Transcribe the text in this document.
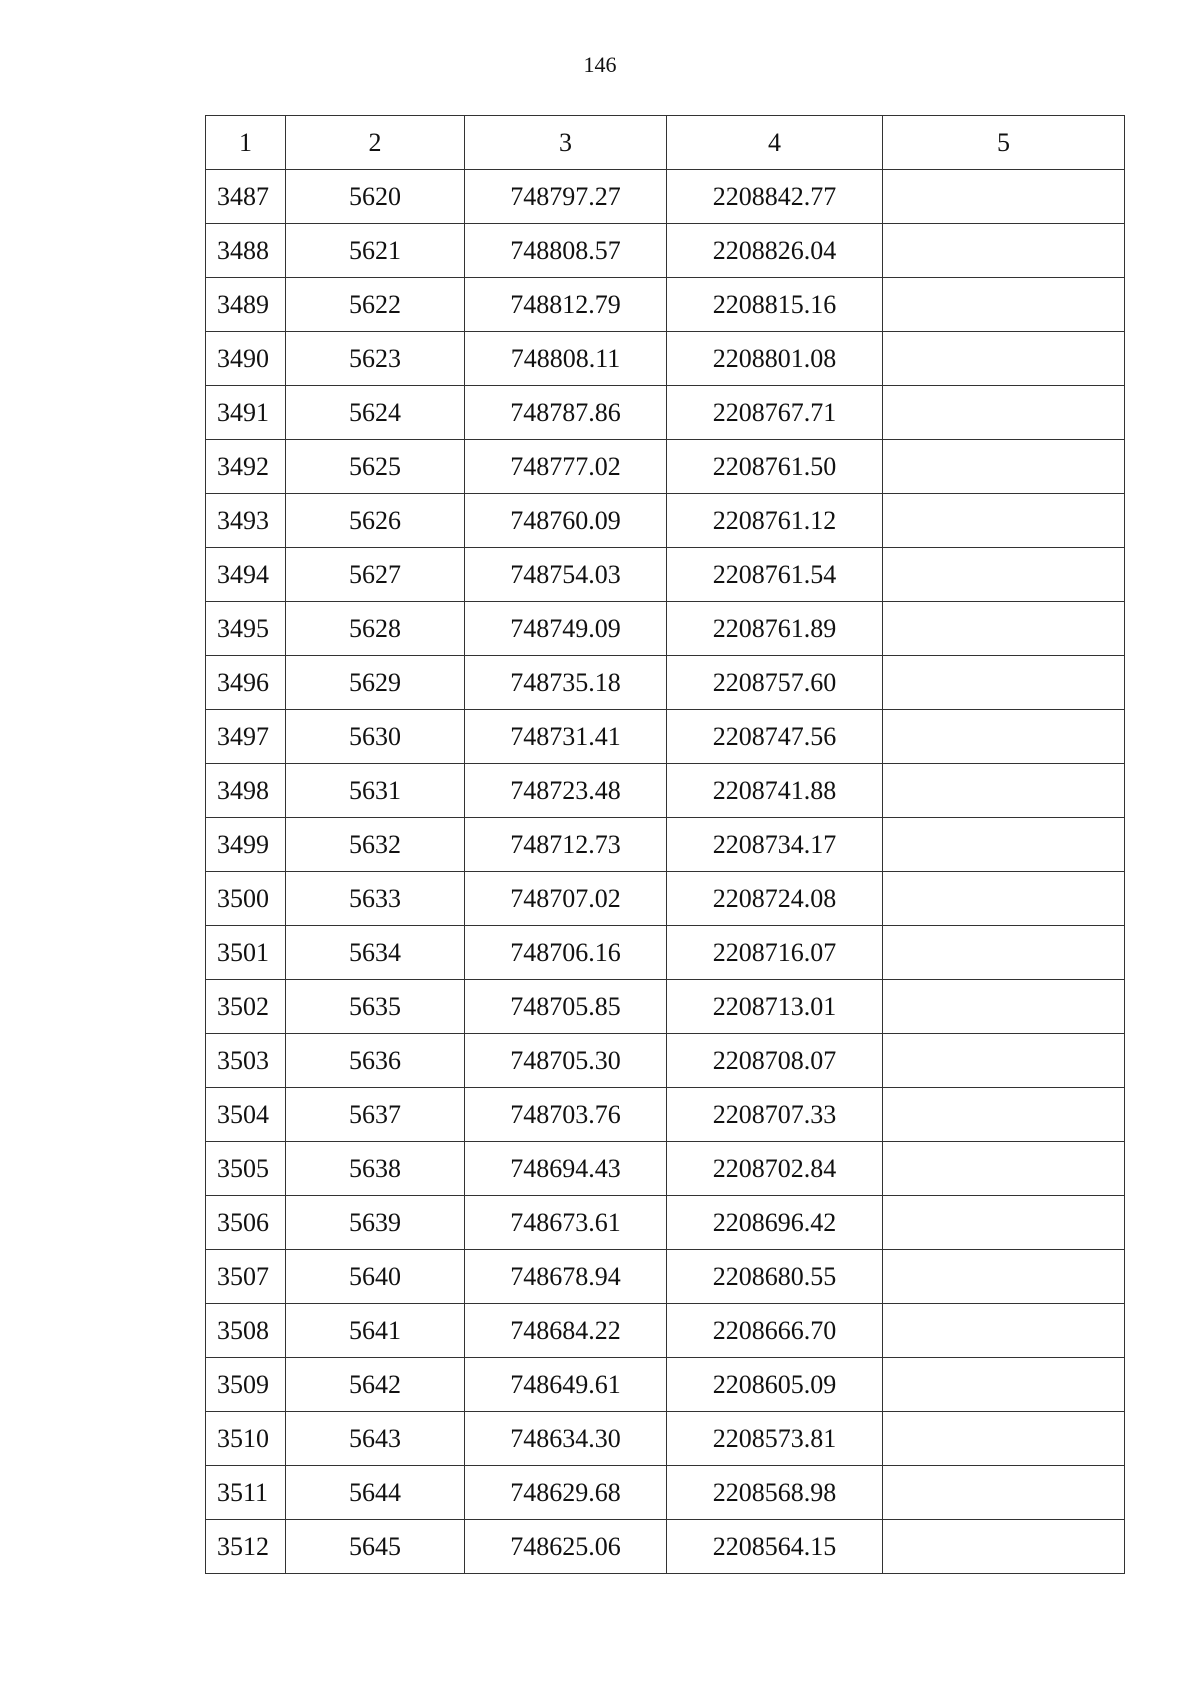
146
1	2	3	4	5
3487	5620	748797.27	2208842.77	
3488	5621	748808.57	2208826.04	
3489	5622	748812.79	2208815.16	
3490	5623	748808.11	2208801.08	
3491	5624	748787.86	2208767.71	
3492	5625	748777.02	2208761.50	
3493	5626	748760.09	2208761.12	
3494	5627	748754.03	2208761.54	
3495	5628	748749.09	2208761.89	
3496	5629	748735.18	2208757.60	
3497	5630	748731.41	2208747.56	
3498	5631	748723.48	2208741.88	
3499	5632	748712.73	2208734.17	
3500	5633	748707.02	2208724.08	
3501	5634	748706.16	2208716.07	
3502	5635	748705.85	2208713.01	
3503	5636	748705.30	2208708.07	
3504	5637	748703.76	2208707.33	
3505	5638	748694.43	2208702.84	
3506	5639	748673.61	2208696.42	
3507	5640	748678.94	2208680.55	
3508	5641	748684.22	2208666.70	
3509	5642	748649.61	2208605.09	
3510	5643	748634.30	2208573.81	
3511	5644	748629.68	2208568.98	
3512	5645	748625.06	2208564.15	
